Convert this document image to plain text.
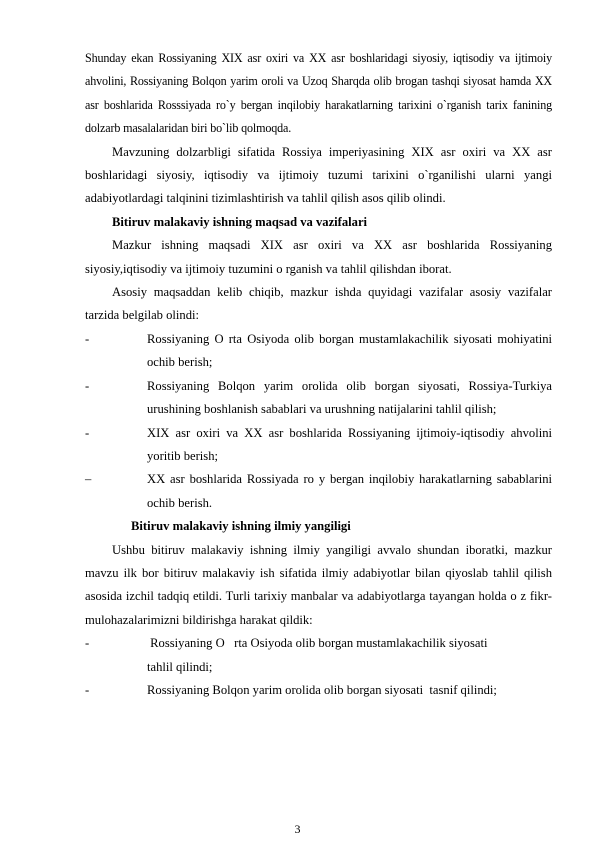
Shunday ekan Rossiyaning XIX asr oxiri va XX asr boshlaridagi siyosiy, iqtisodiy va ijtimoiy ahvolini, Rossiyaning Bolqon yarim oroli va Uzoq Sharqda olib brogan tashqi siyosat hamda XX asr boshlarida Rosssiyada ro`y bergan inqilobiy harakatlarning tarixini o`rganish tarix fanining dolzarb masalalaridan biri bo`lib qolmoqda.

Mavzuning dolzarbligi sifatida Rossiya imperiyasining XIX asr oxiri va XX asr boshlaridagi siyosiy, iqtisodiy va ijtimoiy tuzumi tarixini o`rganilishi ularni yangi adabiyotlardagi talqinini tizimlashtirish va tahlil qilish asos qilib olindi.

Bitiruv malakaviy ishning maqsad va vazifalari

Mazkur ishning maqsadi XIX asr oxiri va XX asr boshlarida Rossiyaning siyosiy,iqtisodiy va ijtimoiy tuzumini o rganish va tahlil qilishdan iborat.

Asosiy maqsaddan kelib chiqib, mazkur ishda quyidagi vazifalar asosiy vazifalar tarzida belgilab olindi:

-	Rossiyaning O rta Osiyoda olib borgan mustamlakachilik siyosati mohiyatini ochib berish;
-	Rossiyaning Bolqon yarim orolida olib borgan siyosati, Rossiya-Turkiya urushining boshlanish sabablari va urushning natijalarini tahlil qilish;
-	XIX asr oxiri va XX asr boshlarida Rossiyaning ijtimoiy-iqtisodiy ahvolini yoritib berish;
–	XX asr boshlarida Rossiyada ro y bergan inqilobiy harakatlarning sabablarini ochib berish.

Bitiruv malakaviy ishning ilmiy yangiligi

Ushbu bitiruv malakaviy ishning ilmiy yangiligi avvalo shundan iboratki, mazkur mavzu ilk bor bitiruv malakaviy ish sifatida ilmiy adabiyotlar bilan qiyoslab tahlil qilish asosida izchil tadqiq etildi. Turli tarixiy manbalar va adabiyotlarga tayangan holda o z fikr-mulohazalarimizni bildirishga harakat qildik:

-	Rossiyaning O   rta Osiyoda olib borgan mustamlakachilik siyosati tahlil qilindi;
-	Rossiyaning Bolqon yarim orolida olib borgan siyosati  tasnif qilindi;
3
